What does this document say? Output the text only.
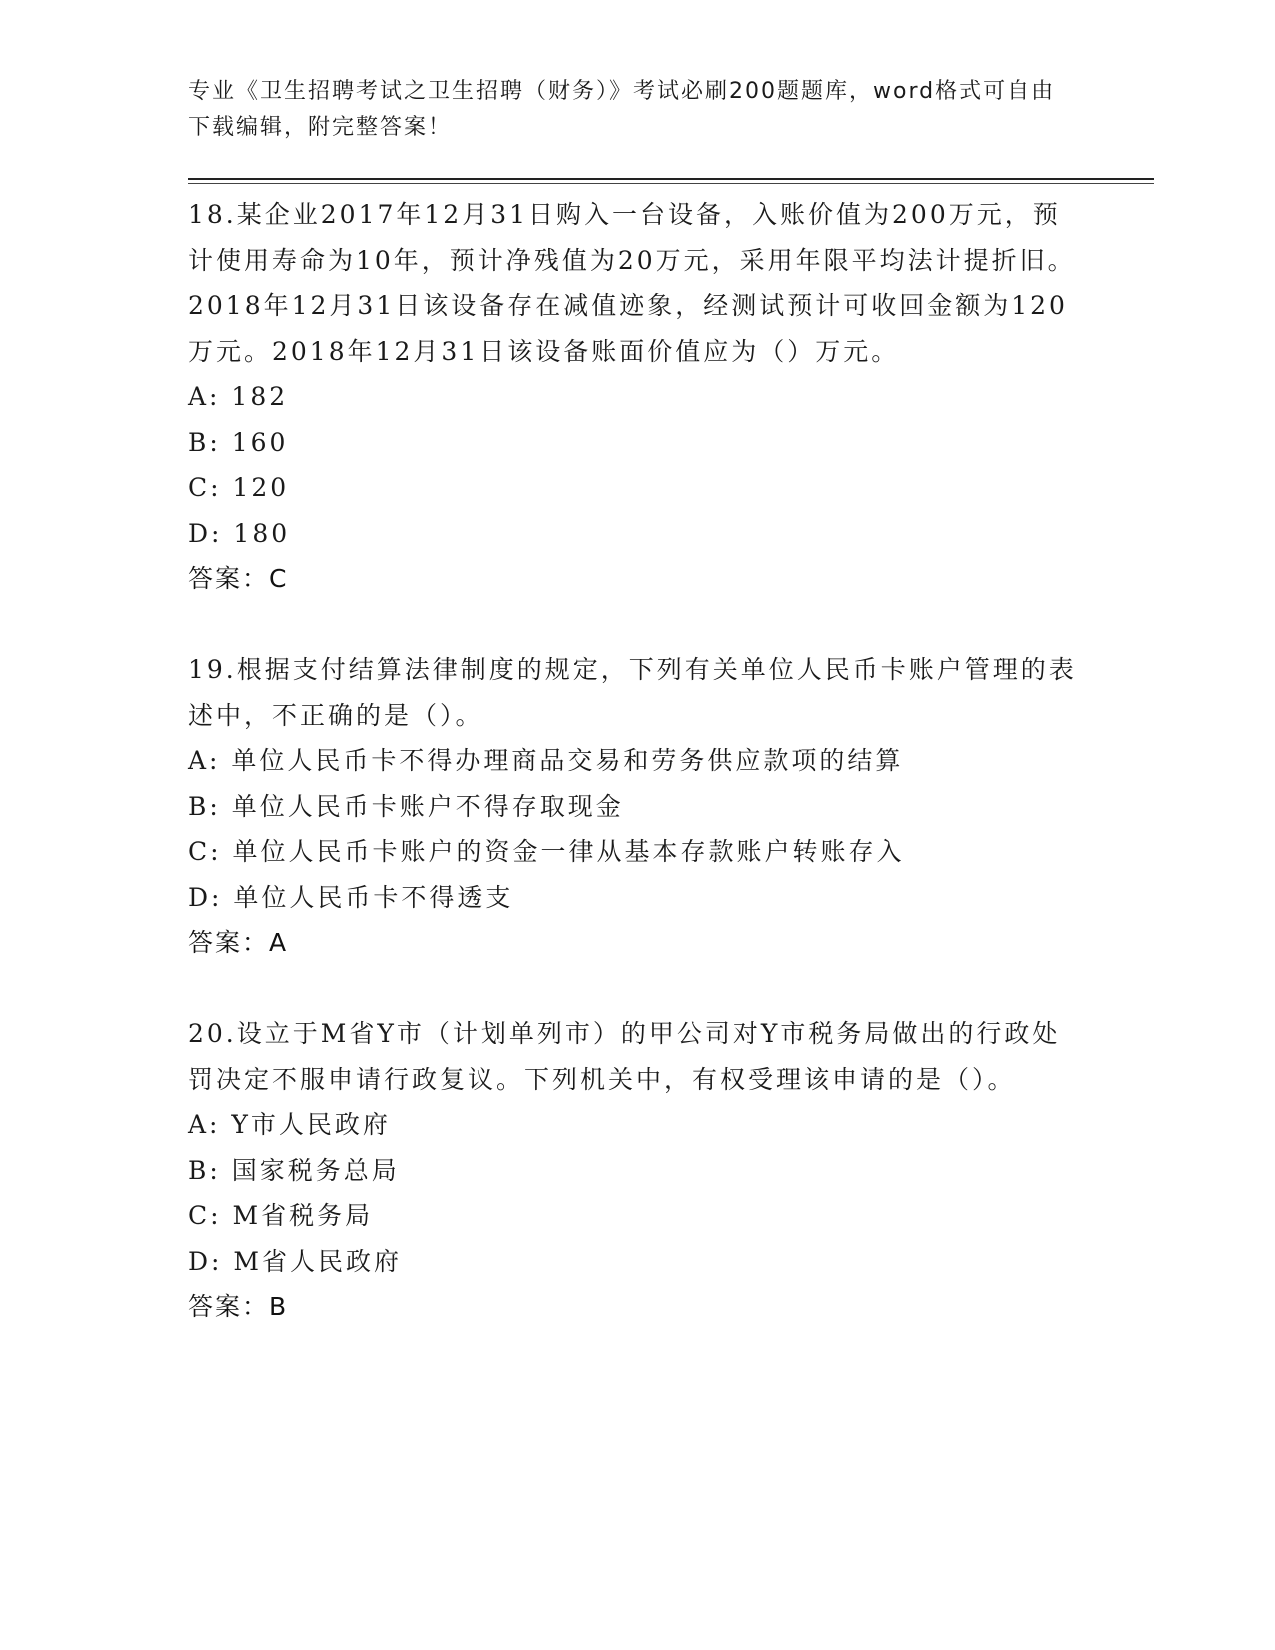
专业《卫生招聘考试之卫生招聘（财务）》考试必刷200题题库，word格式可自由下载编辑，附完整答案！

18.某企业2017年12月31日购入一台设备，入账价值为200万元，预计使用寿命为10年，预计净残值为20万元，采用年限平均法计提折旧。2018年12月31日该设备存在减值迹象，经测试预计可收回金额为120万元。2018年12月31日该设备账面价值应为（）万元。

A: 182

B: 160

C: 120

D: 180

答案：C

19.根据支付结算法律制度的规定，下列有关单位人民币卡账户管理的表述中，不正确的是（）。

A: 单位人民币卡不得办理商品交易和劳务供应款项的结算

B: 单位人民币卡账户不得存取现金

C: 单位人民币卡账户的资金一律从基本存款账户转账存入

D: 单位人民币卡不得透支

答案：A

20.设立于M省Y市（计划单列市）的甲公司对Y市税务局做出的行政处罚决定不服申请行政复议。下列机关中，有权受理该申请的是（）。

A: Y市人民政府

B: 国家税务总局

C: M省税务局

D: M省人民政府

答案：B
